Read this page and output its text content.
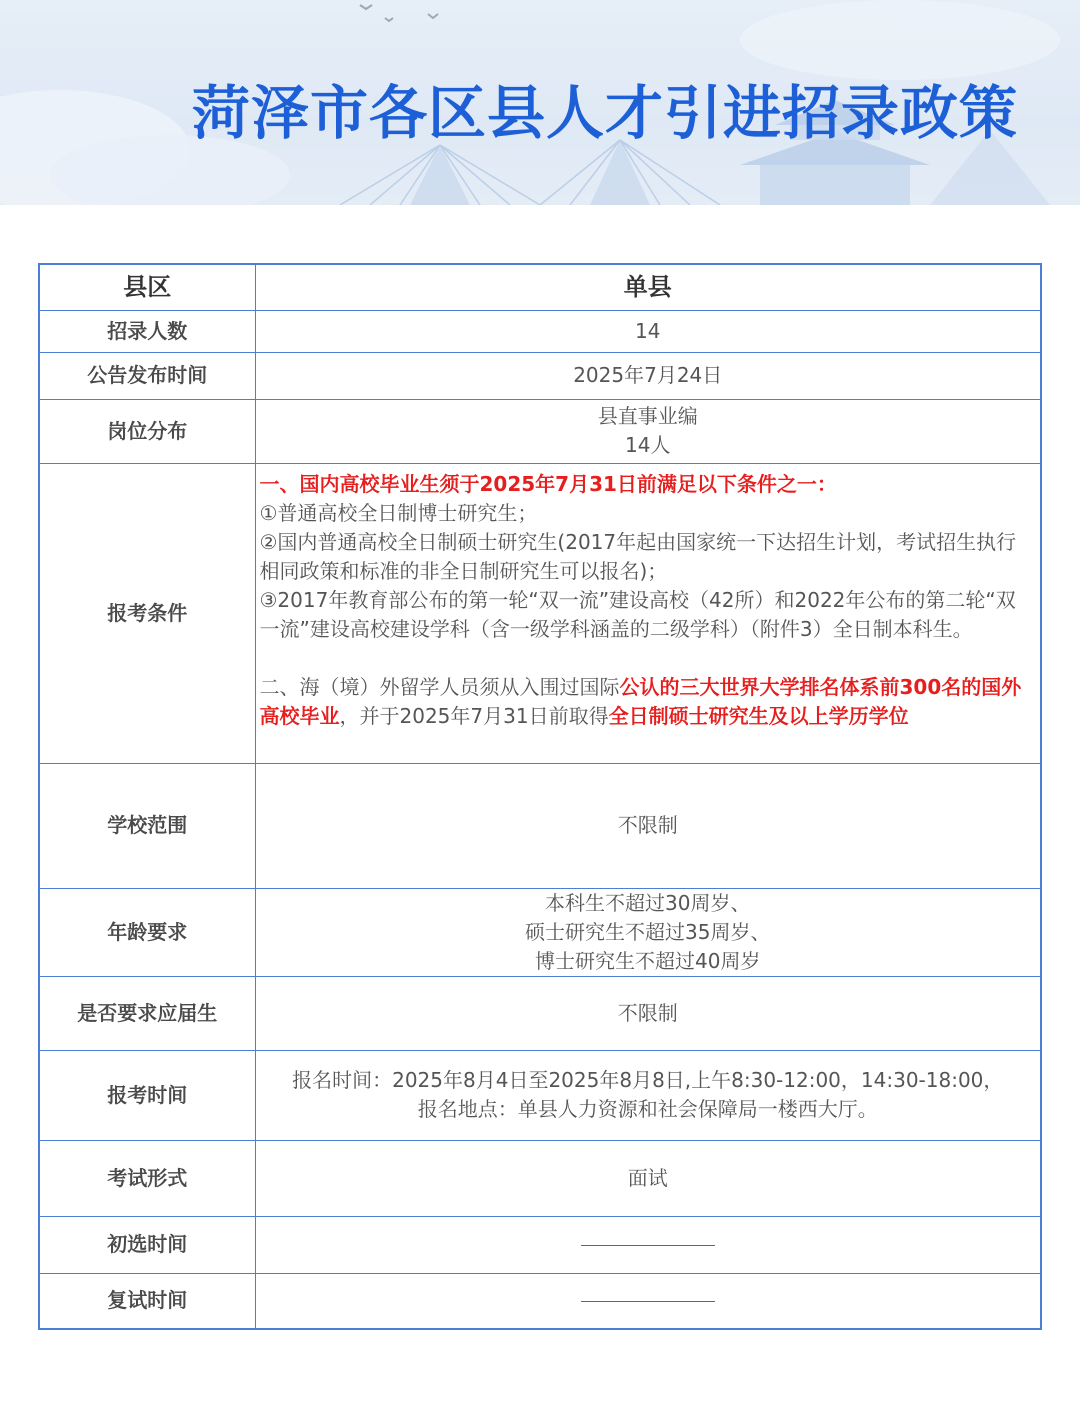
菏泽市各区县人才引进招录政策
县区	单县
招录人数	14
公告发布时间	2025年7月24日
岗位分布	县直事业编
14人

报考条件	一、国内高校毕业生须于2025年7月31日前满足以下条件之一：
①普通高校全日制博士研究生；
②国内普通高校全日制硕士研究生(2017年起由国家统一下达招生计划，考试招生执行相同政策和标准的非全日制研究生可以报名)；
③2017年教育部公布的第一轮“双一流”建设高校（42所）和2022年公布的第二轮“双一流”建设高校建设学科（含一级学科涵盖的二级学科）（附件3）全日制本科生。
二、海（境）外留学人员须从入围过国际公认的三大世界大学排名体系前300名的国外高校毕业，并于2025年7月31日前取得全日制硕士研究生及以上学历学位

学校范围	不限制
年龄要求	本科生不超过30周岁、
硕士研究生不超过35周岁、
博士研究生不超过40周岁

是否要求应届生	不限制
报考时间	报名时间：2025年8月4日至2025年8月8日,上午8:30-12:00，14:30-18:00，
报名地点：单县人力资源和社会保障局一楼西大厅。

考试形式	面试
初选时间	
复试时间	
